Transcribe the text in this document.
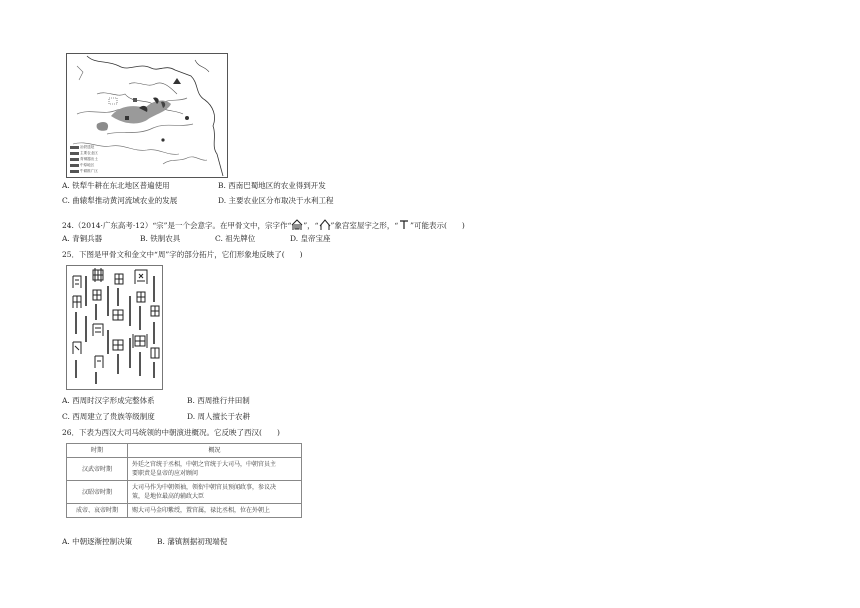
冶铁遗址
主要农业区
青铜器出土
中原地区
牛耕推广区
A. 铁犁牛耕在东北地区普遍使用	B. 西南巴蜀地区的农业得到开发
C. 曲辕犁推动黄河流域农业的发展	D. 主要农业区分布取决于水利工程
24.（2014·广东高考·12）“宗”是一个会意字。在甲骨文中，宗字作“ ”，“ ”象宫室屋宇之形，“ ”可能表示(　　)
A. 青铜兵器	B. 铁制农具	C. 祖先牌位	D. 皇帝宝座
25．下图是甲骨文和金文中“周”字的部分拓片，它们形象地反映了(　　)
A. 西周时汉字形成完整体系	B. 西周推行井田制
C. 西周建立了贵族等级制度	D. 周人擅长于农耕
26．下表为西汉大司马统领的中朝演进概况。它反映了西汉(　　)
时期	概况
汉武帝时期	外廷之官统于丞相，中朝之官统于大司马，中朝官员主
要职责是皇帝的应对顾问

汉昭帝时期	大司马作为中朝领袖，领衔中朝官员预闻政事，参议决
策，是地位最高的辅政大臣

成帝、哀帝时期	赐大司马金印紫绶，置官属，禄比丞相，位在外朝上
A. 中朝逐渐控制决策	B. 藩镇割据初现端倪
